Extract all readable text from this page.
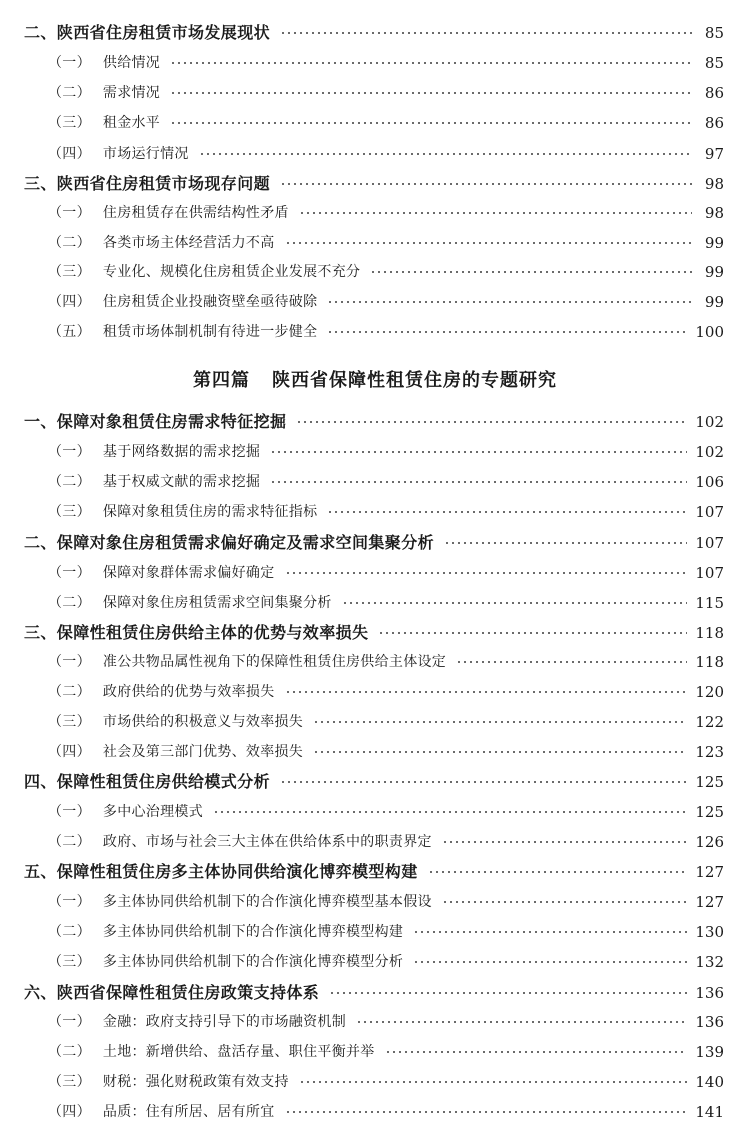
第四篇 陕西省保障性租赁住房的专题研究
二、陕西省住房租赁市场发展现状	85
（一） 供给情况	85
（二） 需求情况	86
（三） 租金水平	86
（四） 市场运行情况	97
三、陕西省住房租赁市场现存问题	98
（一） 住房租赁存在供需结构性矛盾	98
（二） 各类市场主体经营活力不高	99
（三） 专业化、规模化住房租赁企业发展不充分	99
（四） 住房租赁企业投融资壁垒亟待破除	99
（五） 租赁市场体制机制有待进一步健全	100
一、保障对象租赁住房需求特征挖掘	102
（一） 基于网络数据的需求挖掘	102
（二） 基于权威文献的需求挖掘	106
（三） 保障对象租赁住房的需求特征指标	107
二、保障对象住房租赁需求偏好确定及需求空间集聚分析	107
（一） 保障对象群体需求偏好确定	107
（二） 保障对象住房租赁需求空间集聚分析	115
三、保障性租赁住房供给主体的优势与效率损失	118
（一） 准公共物品属性视角下的保障性租赁住房供给主体设定	118
（二） 政府供给的优势与效率损失	120
（三） 市场供给的积极意义与效率损失	122
（四） 社会及第三部门优势、效率损失	123
四、保障性租赁住房供给模式分析	125
（一） 多中心治理模式	125
（二） 政府、市场与社会三大主体在供给体系中的职责界定	126
五、保障性租赁住房多主体协同供给演化博弈模型构建	127
（一） 多主体协同供给机制下的合作演化博弈模型基本假设	127
（二） 多主体协同供给机制下的合作演化博弈模型构建	130
（三） 多主体协同供给机制下的合作演化博弈模型分析	132
六、陕西省保障性租赁住房政策支持体系	136
（一） 金融：政府支持引导下的市场融资机制	136
（二） 土地：新增供给、盘活存量、职住平衡并举	139
（三） 财税：强化财税政策有效支持	140
（四） 品质：住有所居、居有所宜	141
